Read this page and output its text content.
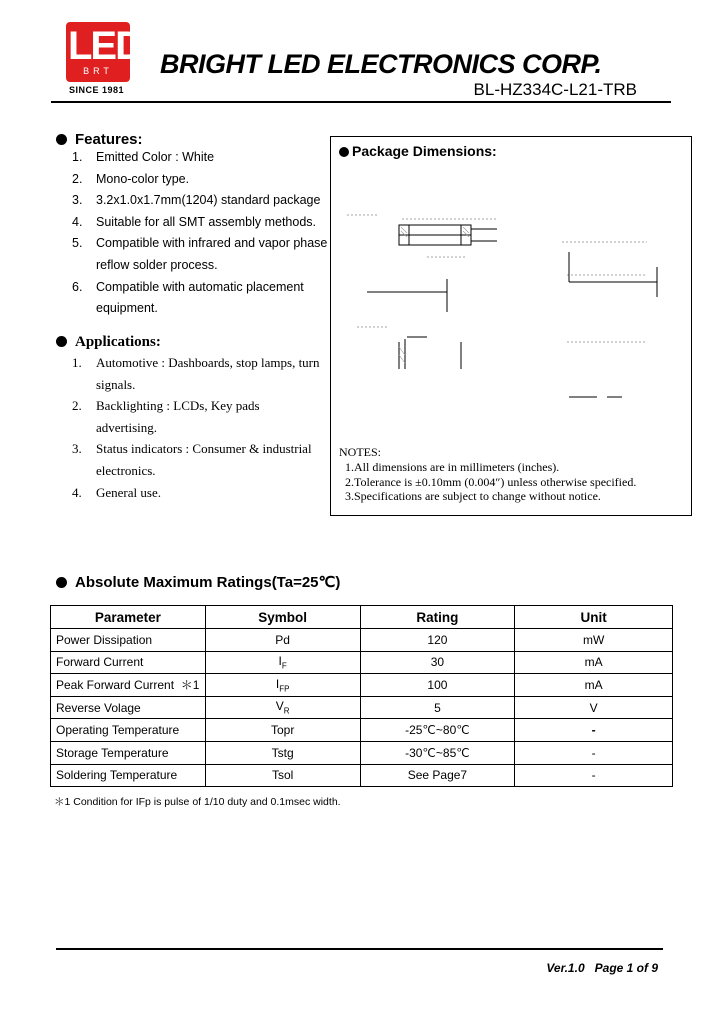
LED
BRT
SINCE 1981
BRIGHT LED ELECTRONICS CORP.
BL-HZ334C-L21-TRB
Features:
1. Emitted Color : White
2. Mono-color type.
3. 3.2x1.0x1.7mm(1204) standard package
4. Suitable for all SMT assembly methods.
5. Compatible with infrared and vapor phase reflow solder process.
6. Compatible with automatic placement equipment.
Applications:
1. Automotive : Dashboards, stop lamps, turn signals.
2. Backlighting : LCDs, Key pads advertising.
3. Status indicators : Consumer & industrial electronics.
4. General use.
Package Dimensions:
NOTES:
1.All dimensions are in millimeters (inches).
2.Tolerance is ±0.10mm (0.004″) unless otherwise specified.
3.Specifications are subject to change without notice.
Absolute Maximum Ratings(Ta=25℃)
Parameter	Symbol	Rating	Unit
Power Dissipation	Pd	120	mW
Forward Current	$I_F$	30	mA
Peak Forward Current ＊1	$I_{FP}$	100	mA
Reverse Volage	$V_R$	5	V
Operating Temperature	Topr	-25℃~80℃	-
Storage Temperature	Tstg	-30℃~85℃	-
Soldering Temperature	Tsol	See Page7	-
＊1 Condition for IFp is pulse of 1/10 duty and 0.1msec width.
Ver.1.0 Page 1 of 9
